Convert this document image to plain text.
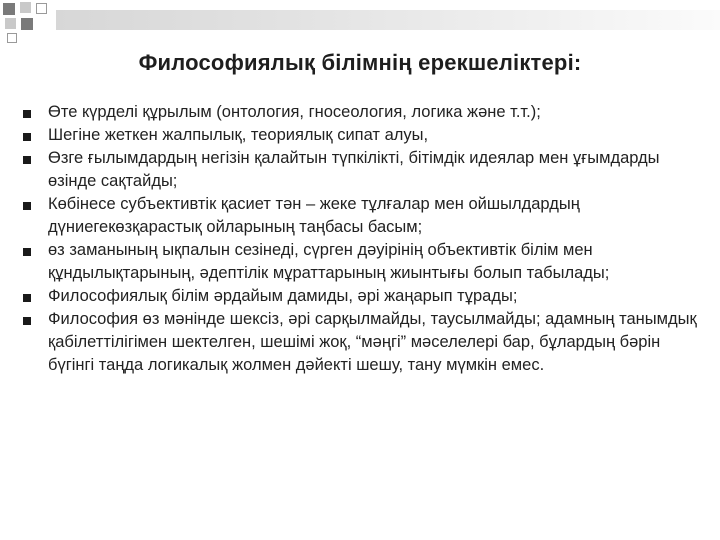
Философиялық білімнің ерекшеліктері:
Өте күрделі құрылым (онтология, гносеология, логика және т.т.);
Шегіне жеткен жалпылық, теориялық сипат алуы,
Өзге ғылымдардың негізін қалайтын түпкілікті, бітімдік идеялар мен ұғымдарды өзінде сақтайды;
Көбінесе субъективтік қасиет тән – жеке тұлғалар мен ойшылдардың дүниегекөзқарастық ойларының таңбасы басым;
өз заманының ықпалын сезінеді, сүрген дәуірінің объективтік білім мен құндылықтарының, әдептілік мұраттарының жиынтығы болып табылады;
Философиялық білім әрдайым дамиды, әрі жаңарып тұрады;
Философия өз мәнінде шексіз, әрі сарқылмайды, таусылмайды; адамның танымдық қабілеттілігімен шектелген, шешімі жоқ, “мәңгі” мәселелері бар, бұлардың бәрін бүгінгі таңда логикалық жолмен дәйекті шешу, тану мүмкін емес.
